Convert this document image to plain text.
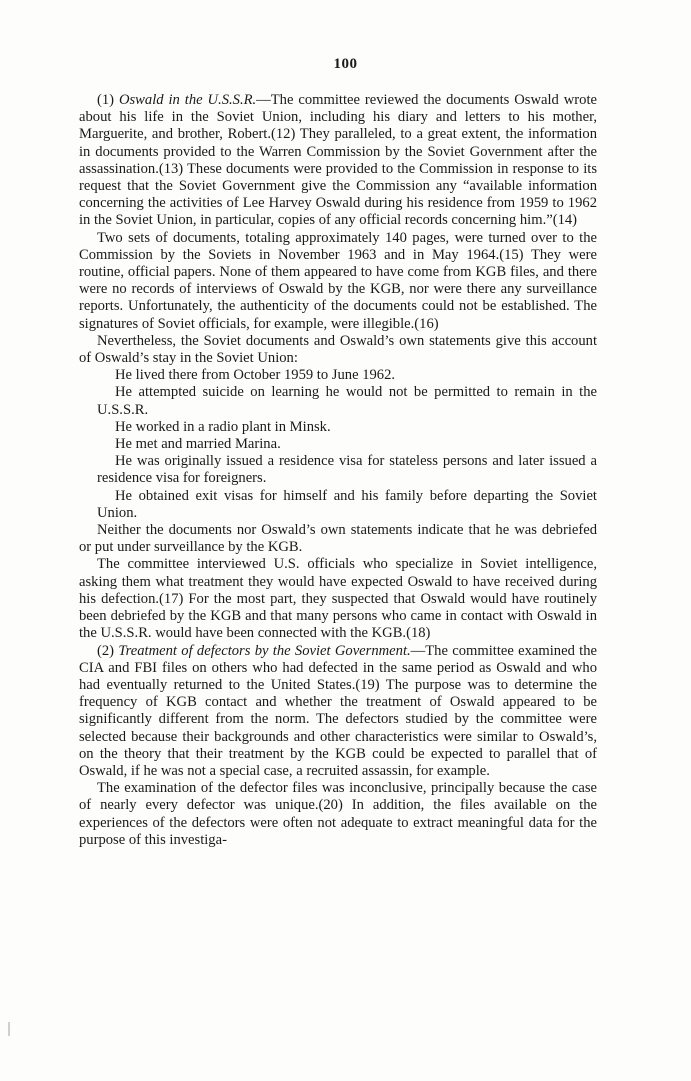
100

(1) Oswald in the U.S.S.R.—The committee reviewed the documents Oswald wrote about his life in the Soviet Union, including his diary and letters to his mother, Marguerite, and brother, Robert.(12) They paralleled, to a great extent, the information in documents provided to the Warren Commission by the Soviet Government after the assassination.(13) These documents were provided to the Commission in response to its request that the Soviet Government give the Commission any “available information concerning the activities of Lee Harvey Oswald during his residence from 1959 to 1962 in the Soviet Union, in particular, copies of any official records concerning him.”(14)

Two sets of documents, totaling approximately 140 pages, were turned over to the Commission by the Soviets in November 1963 and in May 1964.(15) They were routine, official papers. None of them appeared to have come from KGB files, and there were no records of interviews of Oswald by the KGB, nor were there any surveillance reports. Unfortunately, the authenticity of the documents could not be established. The signatures of Soviet officials, for example, were illegible.(16)

Nevertheless, the Soviet documents and Oswald’s own statements give this account of Oswald’s stay in the Soviet Union:

He lived there from October 1959 to June 1962.
He attempted suicide on learning he would not be permitted to remain in the U.S.S.R.
He worked in a radio plant in Minsk.
He met and married Marina.
He was originally issued a residence visa for stateless persons and later issued a residence visa for foreigners.
He obtained exit visas for himself and his family before departing the Soviet Union.

Neither the documents nor Oswald’s own statements indicate that he was debriefed or put under surveillance by the KGB.

The committee interviewed U.S. officials who specialize in Soviet intelligence, asking them what treatment they would have expected Oswald to have received during his defection.(17) For the most part, they suspected that Oswald would have routinely been debriefed by the KGB and that many persons who came in contact with Oswald in the U.S.S.R. would have been connected with the KGB.(18)

(2) Treatment of defectors by the Soviet Government.—The committee examined the CIA and FBI files on others who had defected in the same period as Oswald and who had eventually returned to the United States.(19) The purpose was to determine the frequency of KGB contact and whether the treatment of Oswald appeared to be significantly different from the norm. The defectors studied by the committee were selected because their backgrounds and other characteristics were similar to Oswald’s, on the theory that their treatment by the KGB could be expected to parallel that of Oswald, if he was not a special case, a recruited assassin, for example.

The examination of the defector files was inconclusive, principally because the case of nearly every defector was unique.(20) In addition, the files available on the experiences of the defectors were often not adequate to extract meaningful data for the purpose of this investiga-
